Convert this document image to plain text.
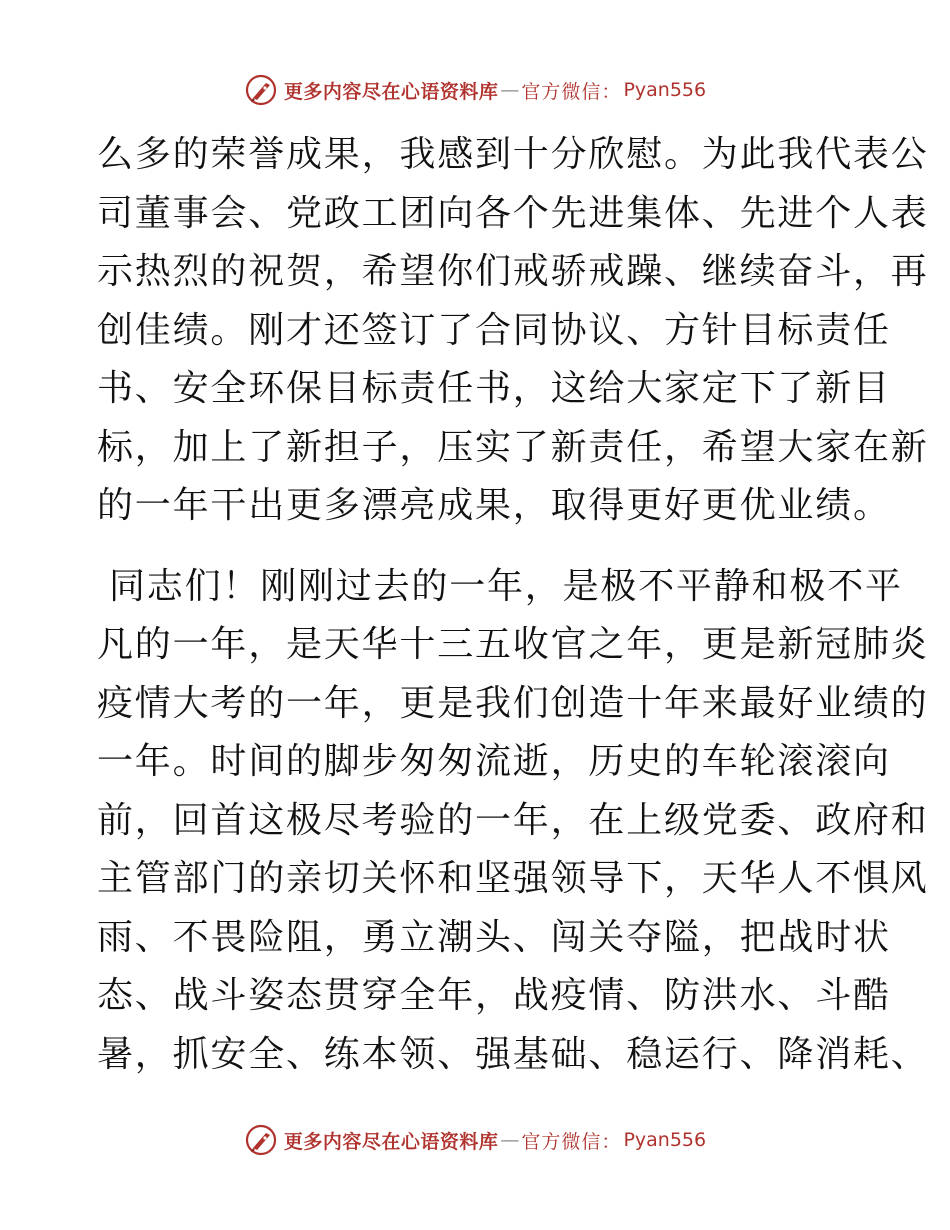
更多内容尽在心语资料库 — 官方微信： Pyan556
么多的荣誉成果，我感到十分欣慰。为此我代表公
司董事会、党政工团向各个先进集体、先进个人表
示热烈的祝贺，希望你们戒骄戒躁、继续奋斗，再
创佳绩。刚才还签订了合同协议、方针目标责任
书、安全环保目标责任书，这给大家定下了新目
标，加上了新担子，压实了新责任，希望大家在新
的一年干出更多漂亮成果，取得更好更优业绩。
同志们！刚刚过去的一年，是极不平静和极不平
凡的一年，是天华十三五收官之年，更是新冠肺炎
疫情大考的一年，更是我们创造十年来最好业绩的
一年。时间的脚步匆匆流逝，历史的车轮滚滚向
前，回首这极尽考验的一年，在上级党委、政府和
主管部门的亲切关怀和坚强领导下，天华人不惧风
雨、不畏险阻，勇立潮头、闯关夺隘，把战时状
态、战斗姿态贯穿全年，战疫情、防洪水、斗酷
暑，抓安全、练本领、强基础、稳运行、降消耗、
更多内容尽在心语资料库 — 官方微信： Pyan556
